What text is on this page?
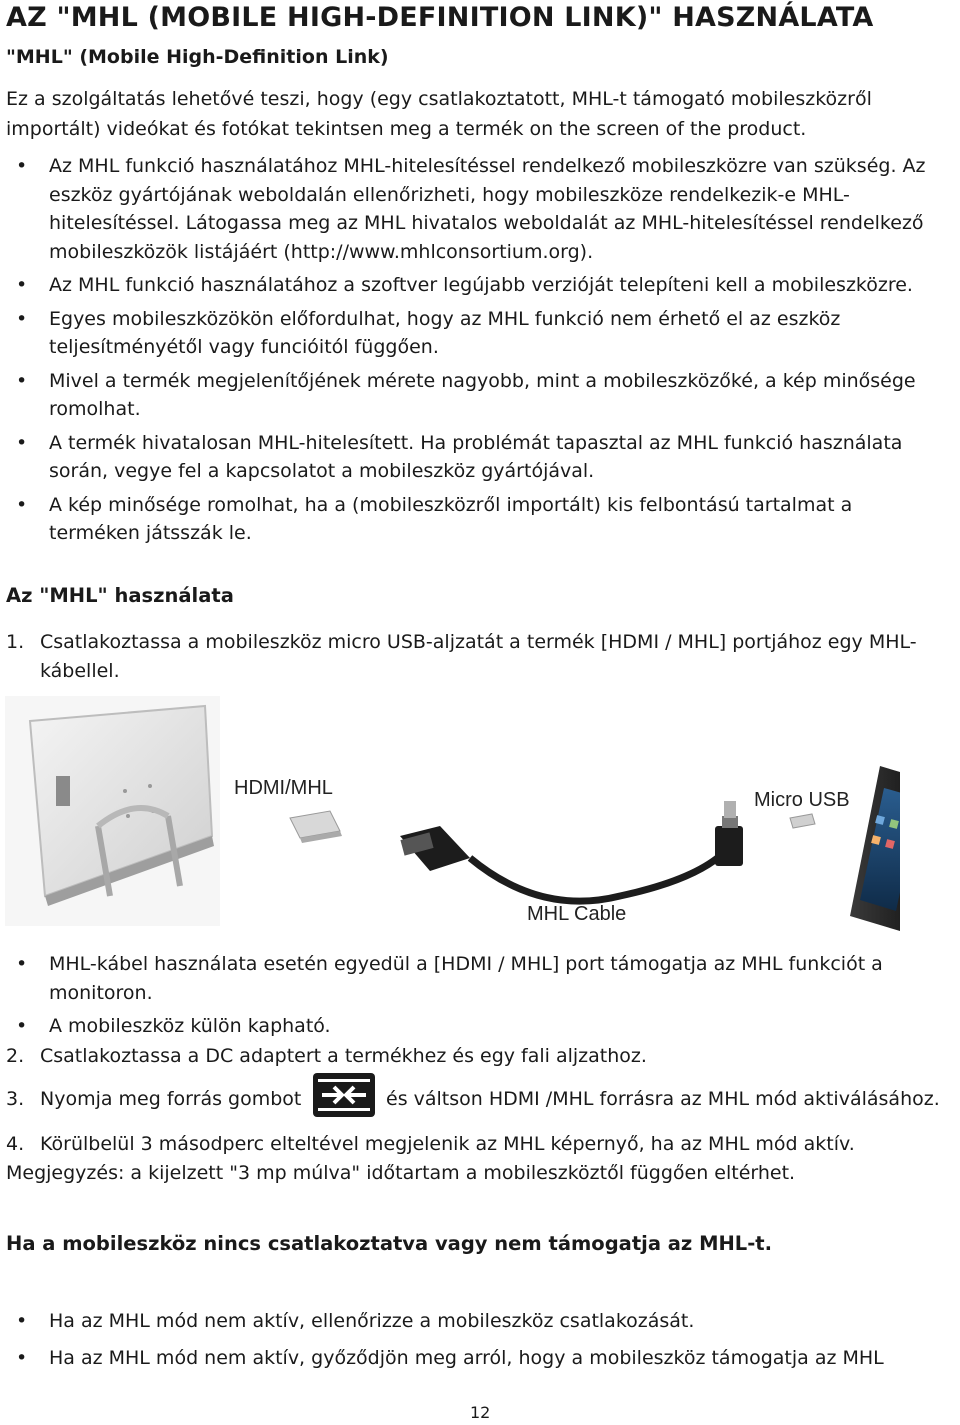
AZ "MHL (MOBILE HIGH-DEFINITION LINK)" HASZNÁLATA
"MHL" (Mobile High-Definition Link)
Ez a szolgáltatás lehetővé teszi, hogy (egy csatlakoztatott, MHL-t támogató mobileszközről importált) videókat és fotókat tekintsen meg a termék on the screen of the product.
• Az MHL funkció használatához MHL-hitelesítéssel rendelkező mobileszközre van szükség. Az eszköz gyártójának weboldalán ellenőrizheti, hogy mobileszköze rendelkezik-e MHL-hitelesítéssel. Látogassa meg az MHL hivatalos weboldalát az MHL-hitelesítéssel rendelkező mobileszközök listájáért (http://www.mhlconsortium.org).
• Az MHL funkció használatához a szoftver legújabb verzióját telepíteni kell a mobileszközre.
• Egyes mobileszközökön előfordulhat, hogy az MHL funkció nem érhető el az eszköz teljesítményétől vagy funcióitól függően.
• Mivel a termék megjelenítőjének mérete nagyobb, mint a mobileszközőké, a kép minősége romolhat.
• A termék hivatalosan MHL-hitelesített. Ha problémát tapasztal az MHL funkció használata során, vegye fel a kapcsolatot a mobileszköz gyártójával.
• A kép minősége romolhat, ha a (mobileszközről importált) kis felbontású tartalmat a terméken játsszák le.
Az "MHL" használata
1. Csatlakoztassa a mobileszköz micro USB-aljzatát a termék [HDMI / MHL] portjához egy MHL-kábellel.
HDMI/MHL
Micro USB
MHL Cable
• MHL-kábel használata esetén egyedül a [HDMI / MHL] port támogatja az MHL funkciót a monitoron.
• A mobileszköz külön kapható.
2. Csatlakoztassa a DC adaptert a termékhez és egy fali aljzathoz.
3. Nyomja meg forrás gombot	és váltson HDMI /MHL forrásra az MHL mód aktiválásához.
4. Körülbelül 3 másodperc elteltével megjelenik az MHL képernyő, ha az MHL mód aktív.
Megjegyzés: a kijelzett "3 mp múlva" időtartam a mobileszköztől függően eltérhet.
Ha a mobileszköz nincs csatlakoztatva vagy nem támogatja az MHL-t.
• Ha az MHL mód nem aktív, ellenőrizze a mobileszköz csatlakozását.
• Ha az MHL mód nem aktív, győződjön meg arról, hogy a mobileszköz támogatja az MHL
12
